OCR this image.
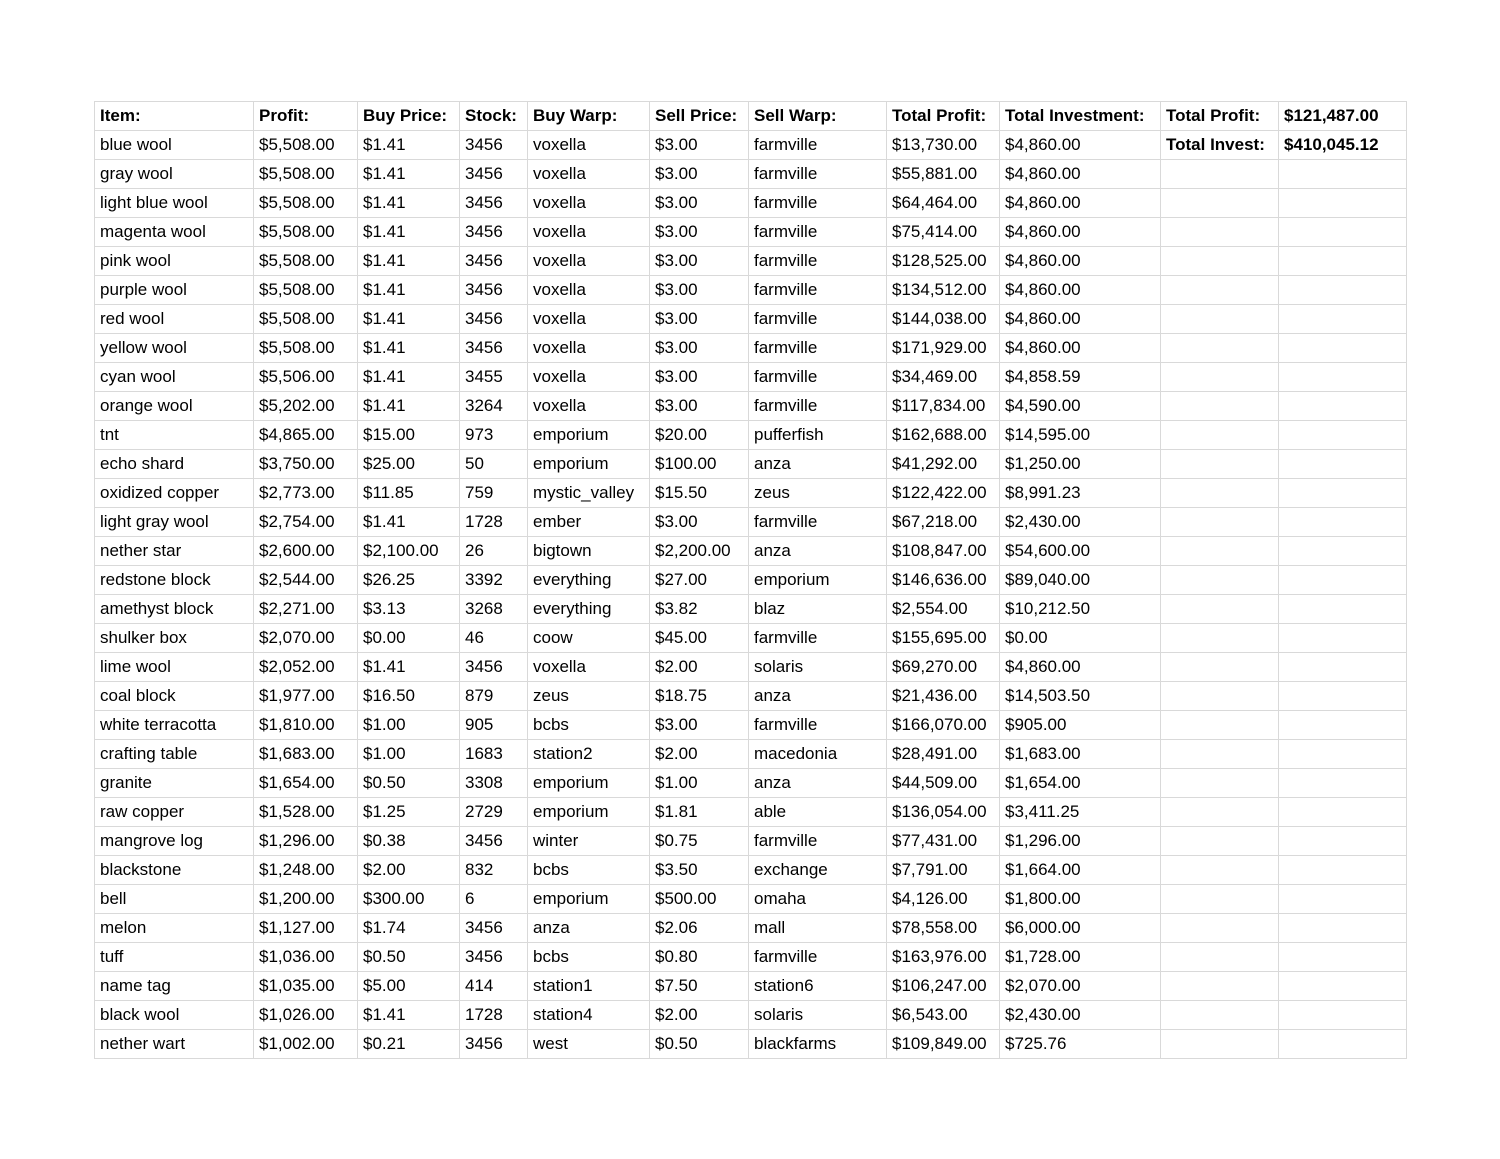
Item:	Profit:	Buy Price:	Stock:	Buy Warp:	Sell Price:	Sell Warp:	Total Profit:	Total Investment:	Total Profit:	$121,487.00
blue wool	$5,508.00	$1.41	3456	voxella	$3.00	farmville	$13,730.00	$4,860.00	Total Invest:	$410,045.12
gray wool	$5,508.00	$1.41	3456	voxella	$3.00	farmville	$55,881.00	$4,860.00		
light blue wool	$5,508.00	$1.41	3456	voxella	$3.00	farmville	$64,464.00	$4,860.00		
magenta wool	$5,508.00	$1.41	3456	voxella	$3.00	farmville	$75,414.00	$4,860.00		
pink wool	$5,508.00	$1.41	3456	voxella	$3.00	farmville	$128,525.00	$4,860.00		
purple wool	$5,508.00	$1.41	3456	voxella	$3.00	farmville	$134,512.00	$4,860.00		
red wool	$5,508.00	$1.41	3456	voxella	$3.00	farmville	$144,038.00	$4,860.00		
yellow wool	$5,508.00	$1.41	3456	voxella	$3.00	farmville	$171,929.00	$4,860.00		
cyan wool	$5,506.00	$1.41	3455	voxella	$3.00	farmville	$34,469.00	$4,858.59		
orange wool	$5,202.00	$1.41	3264	voxella	$3.00	farmville	$117,834.00	$4,590.00		
tnt	$4,865.00	$15.00	973	emporium	$20.00	pufferfish	$162,688.00	$14,595.00		
echo shard	$3,750.00	$25.00	50	emporium	$100.00	anza	$41,292.00	$1,250.00		
oxidized copper	$2,773.00	$11.85	759	mystic_valley	$15.50	zeus	$122,422.00	$8,991.23		
light gray wool	$2,754.00	$1.41	1728	ember	$3.00	farmville	$67,218.00	$2,430.00		
nether star	$2,600.00	$2,100.00	26	bigtown	$2,200.00	anza	$108,847.00	$54,600.00		
redstone block	$2,544.00	$26.25	3392	everything	$27.00	emporium	$146,636.00	$89,040.00		
amethyst block	$2,271.00	$3.13	3268	everything	$3.82	blaz	$2,554.00	$10,212.50		
shulker box	$2,070.00	$0.00	46	coow	$45.00	farmville	$155,695.00	$0.00		
lime wool	$2,052.00	$1.41	3456	voxella	$2.00	solaris	$69,270.00	$4,860.00		
coal block	$1,977.00	$16.50	879	zeus	$18.75	anza	$21,436.00	$14,503.50		
white terracotta	$1,810.00	$1.00	905	bcbs	$3.00	farmville	$166,070.00	$905.00		
crafting table	$1,683.00	$1.00	1683	station2	$2.00	macedonia	$28,491.00	$1,683.00		
granite	$1,654.00	$0.50	3308	emporium	$1.00	anza	$44,509.00	$1,654.00		
raw copper	$1,528.00	$1.25	2729	emporium	$1.81	able	$136,054.00	$3,411.25		
mangrove log	$1,296.00	$0.38	3456	winter	$0.75	farmville	$77,431.00	$1,296.00		
blackstone	$1,248.00	$2.00	832	bcbs	$3.50	exchange	$7,791.00	$1,664.00		
bell	$1,200.00	$300.00	6	emporium	$500.00	omaha	$4,126.00	$1,800.00		
melon	$1,127.00	$1.74	3456	anza	$2.06	mall	$78,558.00	$6,000.00		
tuff	$1,036.00	$0.50	3456	bcbs	$0.80	farmville	$163,976.00	$1,728.00		
name tag	$1,035.00	$5.00	414	station1	$7.50	station6	$106,247.00	$2,070.00		
black wool	$1,026.00	$1.41	1728	station4	$2.00	solaris	$6,543.00	$2,430.00		
nether wart	$1,002.00	$0.21	3456	west	$0.50	blackfarms	$109,849.00	$725.76		
